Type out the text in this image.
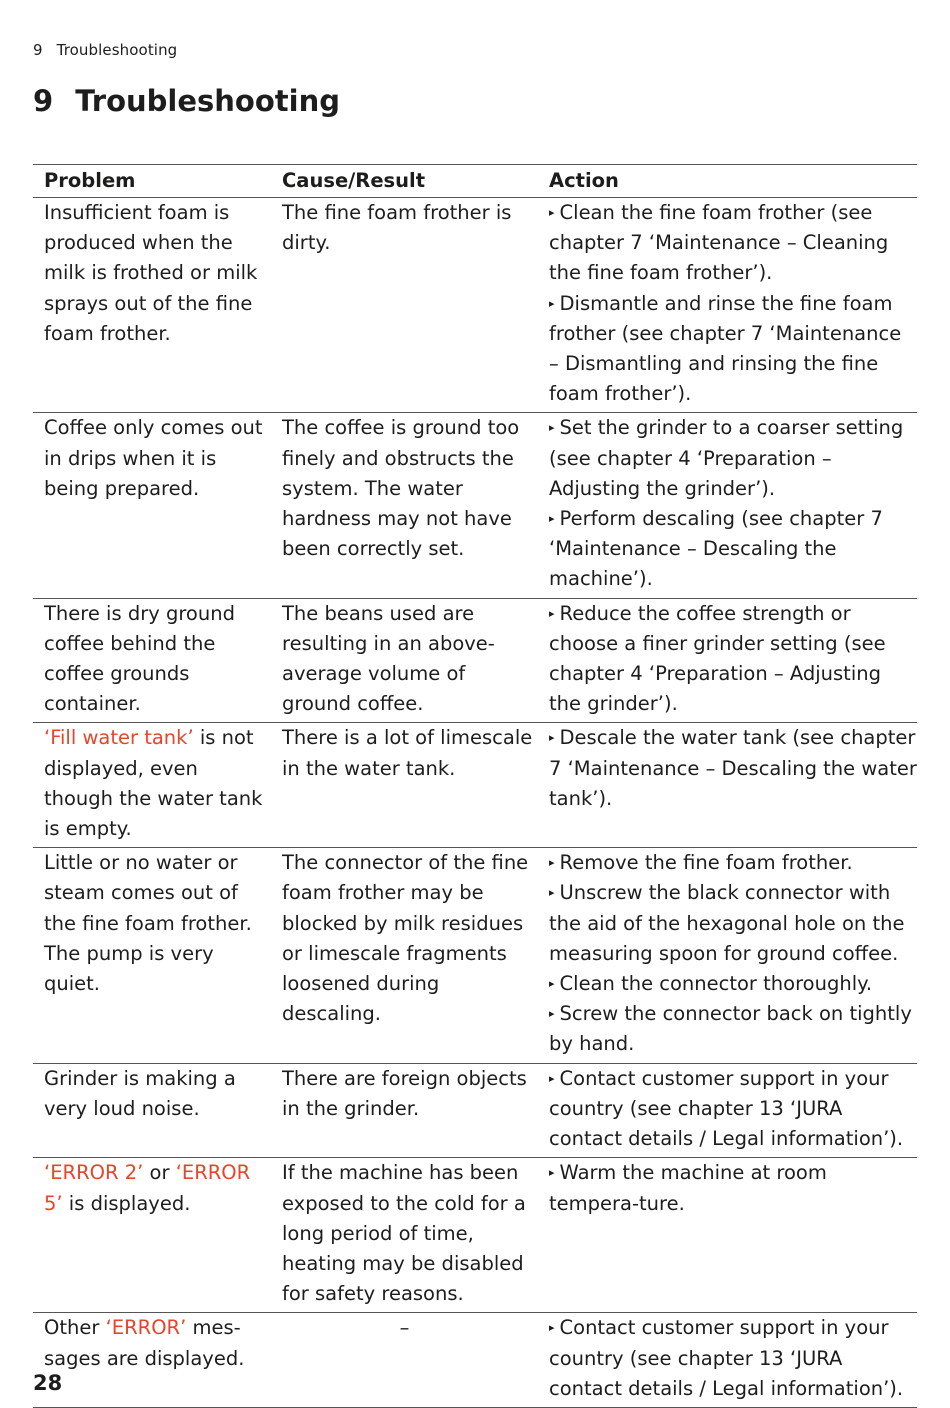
9 Troubleshooting
9 Troubleshooting
Problem	Cause/Result	Action
Insufficient foam is produced when the milk is frothed or milk sprays out of the fine foam frother.	The fine foam frother is dirty.	▸ Clean the fine foam frother (see chapter 7 ‘Maintenance – Cleaning the fine foam frother’).
▸ Dismantle and rinse the fine foam frother (see chapter 7 ‘Maintenance – Dismantling and rinsing the fine foam frother’).

Coffee only comes out in drips when it is being prepared.	The coffee is ground too finely and obstructs the system. The water hardness may not have been correctly set.	▸ Set the grinder to a coarser setting (see chapter 4 ‘Preparation – Adjusting the grinder’).
▸ Perform descaling (see chapter 7 ‘Maintenance – Descaling the machine’).

There is dry ground coffee behind the coffee grounds container.	The beans used are resulting in an above-average volume of ground coffee.	▸ Reduce the coffee strength or choose a finer grinder setting (see chapter 4 ‘Preparation – Adjusting the grinder’).

‘Fill water tank’ is not displayed, even though the water tank is empty.	There is a lot of limescale in the water tank.	▸ Descale the water tank (see chapter 7 ‘Maintenance – Descaling the water tank’).

Little or no water or steam comes out of the fine foam frother. The pump is very quiet.	The connector of the fine foam frother may be blocked by milk residues or limescale fragments loosened during descaling.	▸ Remove the fine foam frother.
▸ Unscrew the black connector with the aid of the hexagonal hole on the measuring spoon for ground coffee.
▸ Clean the connector thoroughly.
▸ Screw the connector back on tightly by hand.

Grinder is making a very loud noise.	There are foreign objects in the grinder.	▸ Contact customer support in your country (see chapter 13 ‘JURA contact details / Legal information’).

‘ERROR 2’ or ‘ERROR 5’ is displayed.	If the machine has been exposed to the cold for a long period of time, heating may be disabled for safety reasons.	▸ Warm the machine at room tempera-ture.

Other ‘ERROR’ mes-sages are displayed.	–	▸ Contact customer support in your country (see chapter 13 ‘JURA contact details / Legal information’).
28
